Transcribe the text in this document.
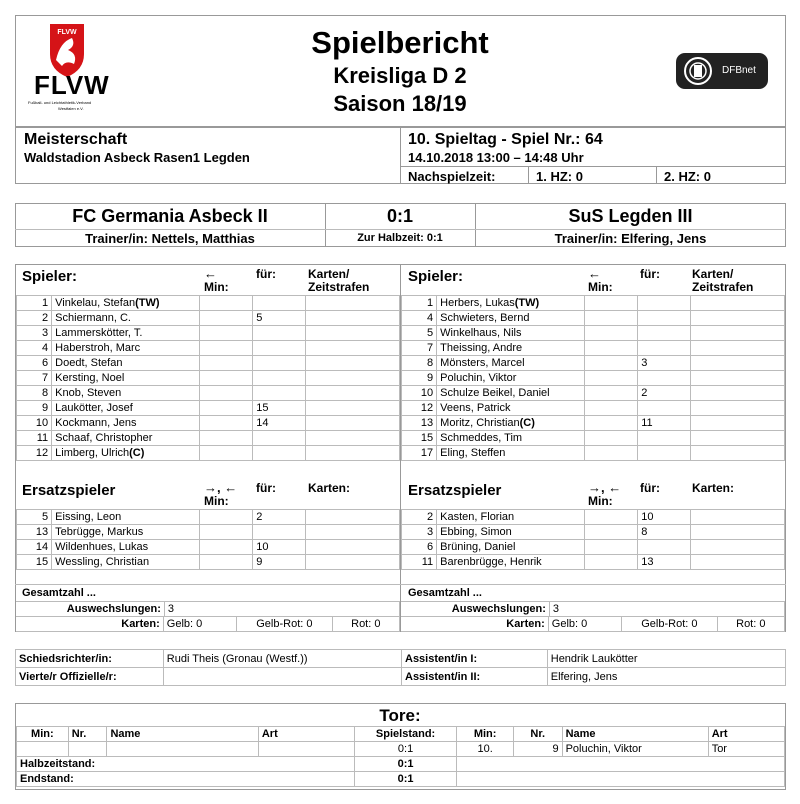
FLVW
FLVW
Fußball- und Leichtathletik-Verband
Westfalen e.V.
Spielbericht
Kreisliga D 2
Saison 18/19
DFBnet
Meisterschaft
Waldstadion Asbeck Rasen1 Legden
10. Spieltag - Spiel Nr.: 64
14.10.2018 13:00 – 14:48 Uhr
Nachspielzeit:	1. HZ: 0	2. HZ: 0
FC Germania Asbeck II	0:1	SuS Legden III
Trainer/in: Nettels, Matthias	Zur Halbzeit: 0:1	Trainer/in: Elfering, Jens
Spieler:	←
Min:
für:	Karten/
Zeitstrafen
Spieler:	←
Min:
für:	Karten/
Zeitstrafen
1	Vinkelau, Stefan(TW)			
2	Schiermann, C.		5	
3	Lammerskötter, T.			
4	Haberstroh, Marc			
6	Doedt, Stefan			
7	Kersting, Noel			
8	Knob, Steven			
9	Laukötter, Josef		15	
10	Kockmann, Jens		14	
11	Schaaf, Christopher			
12	Limberg, Ulrich(C)			
1	Herbers, Lukas(TW)			
4	Schwieters, Bernd			
5	Winkelhaus, Nils			
7	Theissing, Andre			
8	Mönsters, Marcel		3	
9	Poluchin, Viktor			
10	Schulze Beikel, Daniel		2	
12	Veens, Patrick			
13	Moritz, Christian(C)		11	
15	Schmeddes, Tim			
17	Eling, Steffen			
Ersatzspieler	→, ←
Min:
für:	Karten:	Ersatzspieler	→, ←
Min:
für:	Karten:
5	Eissing, Leon		2	
13	Tebrügge, Markus			
14	Wildenhues, Lukas		10	
15	Wessling, Christian		9	
2	Kasten, Florian		10	
3	Ebbing, Simon		8	
6	Brüning, Daniel			
11	Barenbrügge, Henrik		13	
Gesamtzahl ...	Gesamtzahl ...
Auswechslungen:	3
Karten:	Gelb: 0	Gelb-Rot: 0	Rot: 0
Auswechslungen:	3
Karten:	Gelb: 0	Gelb-Rot: 0	Rot: 0
Schiedsrichter/in:	Rudi Theis (Gronau (Westf.))	Assistent/in I:	Hendrik Laukötter
Vierte/r Offizielle/r:		Assistent/in II:	Elfering, Jens
Tore:
Min:	Nr.	Name	Art	Spielstand:	Min:	Nr.	Name	Art
				0:1	10.	9	Poluchin, Viktor	Tor
Halbzeitstand:				0:1				
Endstand:				0:1				
